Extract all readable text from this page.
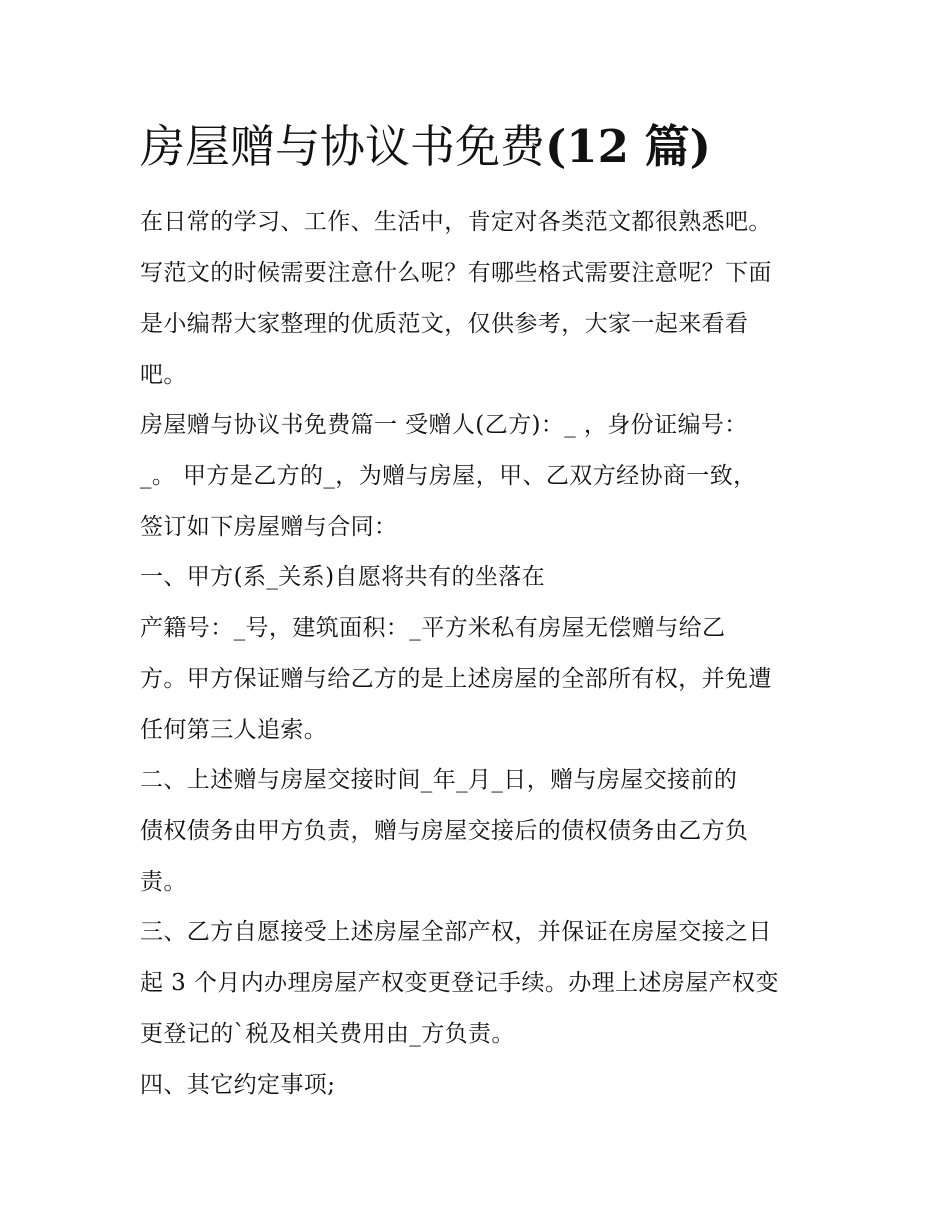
房屋赠与协议书免费(12 篇)

在日常的学习、工作、生活中，肯定对各类范文都很熟悉吧。

写范文的时候需要注意什么呢？有哪些格式需要注意呢？下面

是小编帮大家整理的优质范文，仅供参考，大家一起来看看

吧。

房屋赠与协议书免费篇一 受赠人(乙方)：_ ，身份证编号：

_。 甲方是乙方的_，为赠与房屋，甲、乙双方经协商一致，

签订如下房屋赠与合同：

一、甲方(系_关系)自愿将共有的坐落在

产籍号：_号，建筑面积：_平方米私有房屋无偿赠与给乙

方。甲方保证赠与给乙方的是上述房屋的全部所有权，并免遭

任何第三人追索。

二、上述赠与房屋交接时间_年_月_日，赠与房屋交接前的

债权债务由甲方负责，赠与房屋交接后的债权债务由乙方负

责。

三、乙方自愿接受上述房屋全部产权，并保证在房屋交接之日

起 3 个月内办理房屋产权变更登记手续。办理上述房屋产权变

更登记的`税及相关费用由_方负责。

四、其它约定事项;
